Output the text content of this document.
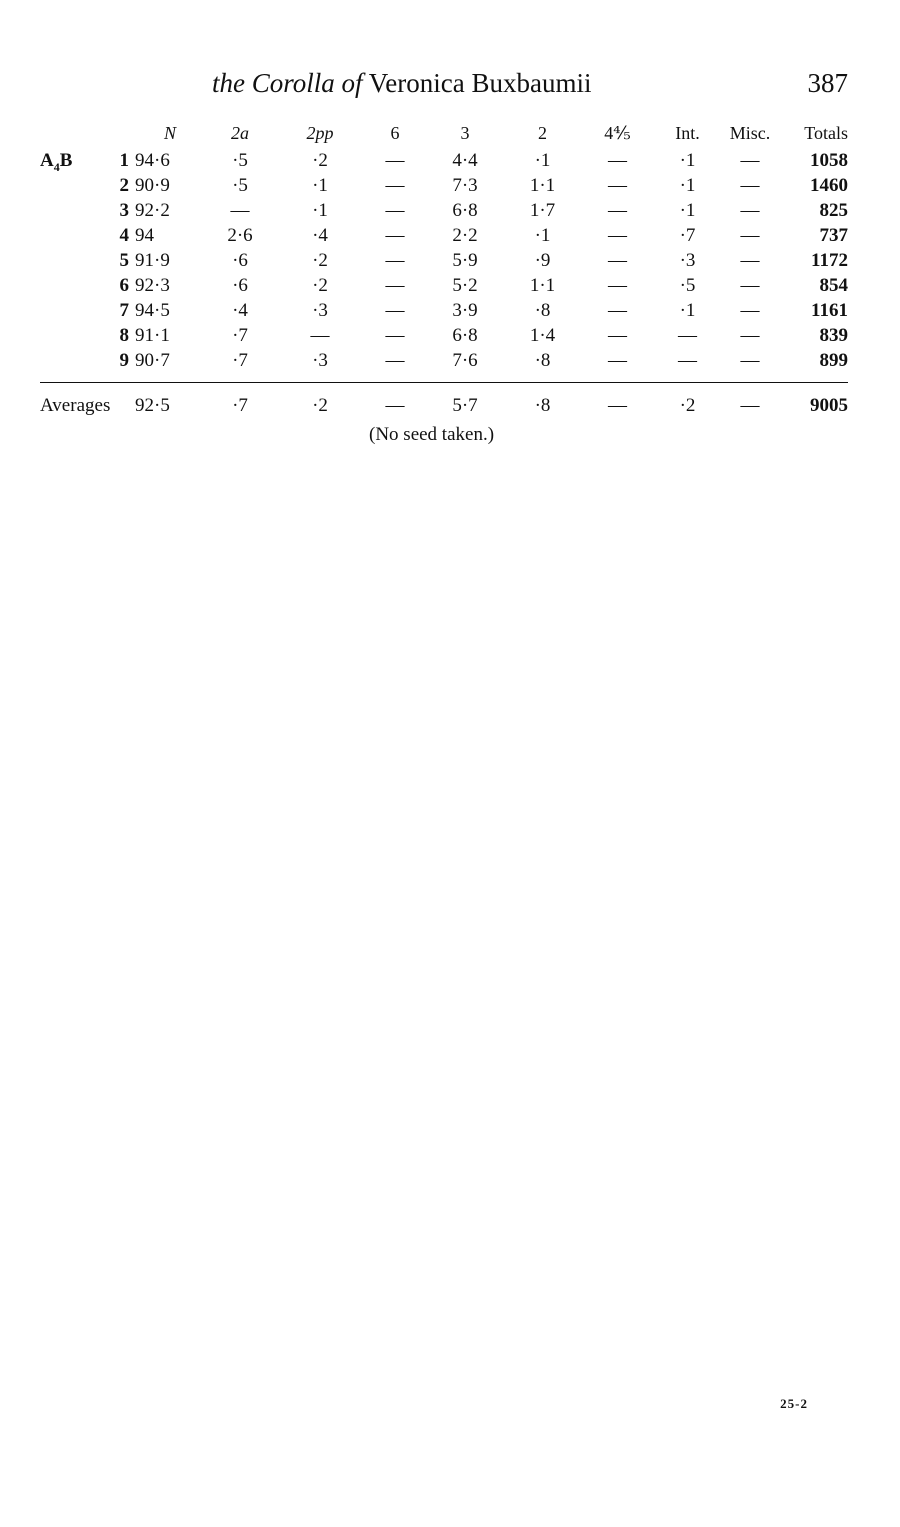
the Corolla of Veronica Buxbaumii	387
	N	2a	2pp	6	3	2	4⅘	Int.	Misc.	Totals

$A_4B$ 1	94·6	·5	·2	—	4·4	·1	—	·1	—	1058
2	90·9	·5	·1	—	7·3	1·1	—	·1	—	1460
3	92·2	—	·1	—	6·8	1·7	—	·1	—	825
4	94	2·6	·4	—	2·2	·1	—	·7	—	737
5	91·9	·6	·2	—	5·9	·9	—	·3	—	1172
6	92·3	·6	·2	—	5·2	1·1	—	·5	—	854
7	94·5	·4	·3	—	3·9	·8	—	·1	—	1161
8	91·1	·7	—	—	6·8	1·4	—	—	—	839
9	90·7	·7	·3	—	7·6	·8	—	—	—	899

Averages	92·5	·7	·2	—	5·7	·8	—	·2	—	9005
(No seed taken.)
25-2
